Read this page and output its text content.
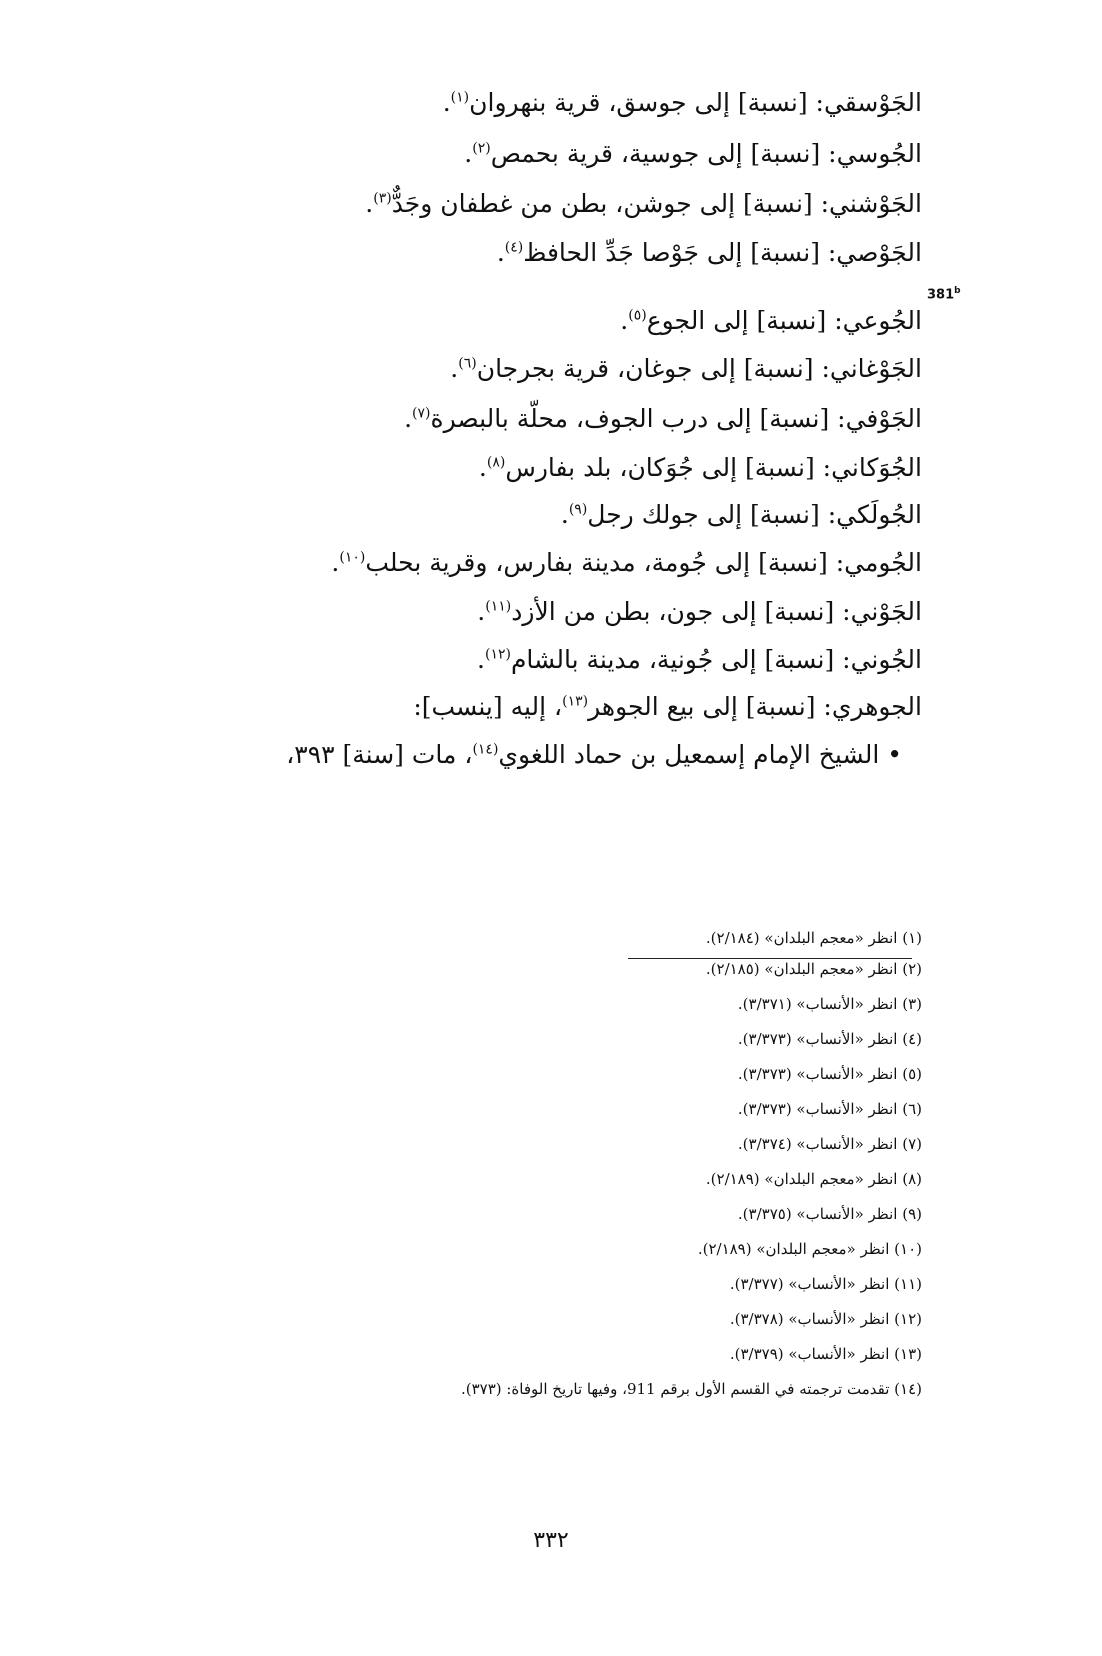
الجَوْسقي: [نسبة] إلى جوسق، قرية بنهروان$^{(١)}$.
الجُوسي: [نسبة] إلى جوسية، قرية بحمص$^{(٢)}$.
الجَوْشني: [نسبة] إلى جوشن، بطن من غطفان وجَدٌّ$^{(٣)}$.
الجَوْصي: [نسبة] إلى جَوْصا جَدِّ الحافظ$^{(٤)}$.
381$^b$
الجُوعي: [نسبة] إلى الجوع$^{(٥)}$.
الجَوْغاني: [نسبة] إلى جوغان، قرية بجرجان$^{(٦)}$.
الجَوْفي: [نسبة] إلى درب الجوف، محلّة بالبصرة$^{(٧)}$.
الجُوَكاني: [نسبة] إلى جُوَكان، بلد بفارس$^{(٨)}$.
الجُولَكي: [نسبة] إلى جولك رجل$^{(٩)}$.
الجُومي: [نسبة] إلى جُومة، مدينة بفارس، وقرية بحلب$^{(١٠)}$.
الجَوْني: [نسبة] إلى جون، بطن من الأزد$^{(١١)}$.
الجُوني: [نسبة] إلى جُونية، مدينة بالشام$^{(١٢)}$.
الجوهري: [نسبة] إلى بيع الجوهر$^{(١٣)}$، إليه [ينسب]:
• الشيخ الإمام إسمعيل بن حماد اللغوي$^{(١٤)}$، مات [سنة] ٣٩٣،
(١) انظر «معجم البلدان» (٢/١٨٤).
(٢) انظر «معجم البلدان» (٢/١٨٥).
(٣) انظر «الأنساب» (٣/٣٧١).
(٤) انظر «الأنساب» (٣/٣٧٣).
(٥) انظر «الأنساب» (٣/٣٧٣).
(٦) انظر «الأنساب» (٣/٣٧٣).
(٧) انظر «الأنساب» (٣/٣٧٤).
(٨) انظر «معجم البلدان» (٢/١٨٩).
(٩) انظر «الأنساب» (٣/٣٧٥).
(١٠) انظر «معجم البلدان» (٢/١٨٩).
(١١) انظر «الأنساب» (٣/٣٧٧).
(١٢) انظر «الأنساب» (٣/٣٧٨).
(١٣) انظر «الأنساب» (٣/٣٧٩).
(١٤) تقدمت ترجمته في القسم الأول برقم 911، وفيها تاريخ الوفاة: (٣٧٣).
٣٣٢
